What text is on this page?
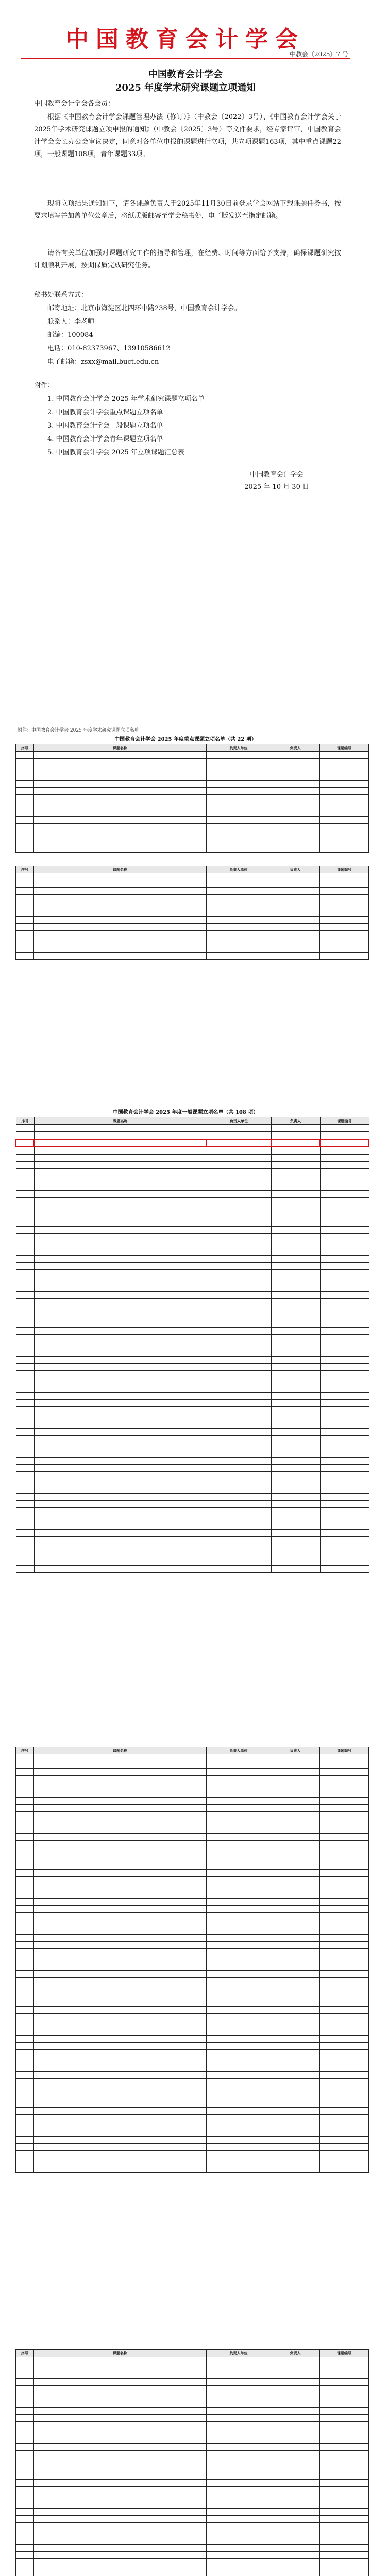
中国教育会计学会
中教会〔2025〕7 号
中国教育会计学会
2025 年度学术研究课题立项通知
中国教育会计学会各会员：
根据《中国教育会计学会课题管理办法（修订）》（中教会〔2022〕3号）、《中国教育会计学会关于2025年学术研究课题立项申报的通知》（中教会〔2025〕3号）等文件要求，经专家评审，中国教育会计学会会长办公会审议决定，同意对各单位申报的课题进行立项，共立项课题163项，其中重点课题22项，一般课题108项，青年课题33项。
现将立项结果通知如下，请各课题负责人于2025年11月30日前登录学会网站下载课题任务书，按要求填写并加盖单位公章后，将纸质版邮寄至学会秘书处，电子版发送至指定邮箱。
请各有关单位加强对课题研究工作的指导和管理，在经费、时间等方面给予支持，确保课题研究按计划顺利开展，按期保质完成研究任务。
秘书处联系方式：
邮寄地址：北京市海淀区北四环中路238号，中国教育会计学会。
联系人：李老师
邮编：100084
电话：010-82373967、13910586612
电子邮箱：zsxx@mail.buct.edu.cn
附件：
1. 中国教育会计学会 2025 年学术研究课题立项名单
2. 中国教育会计学会重点课题立项名单
3. 中国教育会计学会一般课题立项名单
4. 中国教育会计学会青年课题立项名单
5. 中国教育会计学会 2025 年立项课题汇总表
中国教育会计学会
2025 年 10 月 30 日
附件：中国教育会计学会 2025 年度学术研究课题立项名单
中国教育会计学会 2025 年度重点课题立项名单（共 22 项）
序号	课题名称	负责人单位	负责人	课题编号

序号	课题名称	负责人单位	负责人	课题编号

中国教育会计学会 2025 年度一般课题立项名单（共 108 项）
序号	课题名称	负责人单位	负责人	课题编号

序号	课题名称	负责人单位	负责人	课题编号

序号	课题名称	负责人单位	负责人	课题编号
